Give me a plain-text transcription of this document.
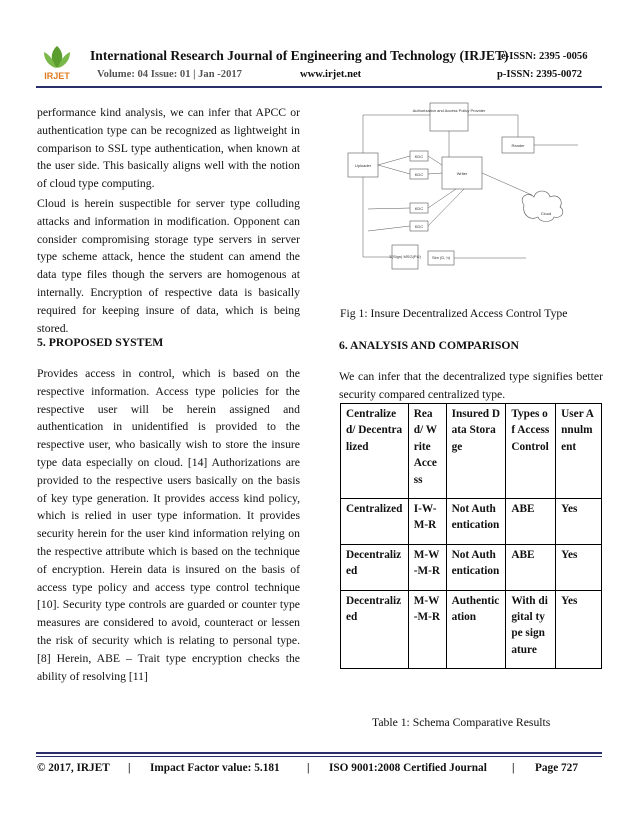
IRJET
International Research Journal of Engineering and Technology (IRJET)
e-ISSN: 2395 -0056
Volume: 04 Issue: 01 | Jan -2017	www.irjet.net	p-ISSN: 2395-0072
performance kind analysis, we can infer that APCC or authentication type can be recognized as lightweight in comparison to SSL type authentication, when known at the user side. This basically aligns well with the notion of cloud type computing.
Cloud is herein suspectible for server type colluding attacks and information in modification. Opponent can consider compromising storage type servers in server type scheme attack, hence the student can amend the data type files though the servers are homogenous at internally. Encryption of respective data is basically required for keeping insure of data, which is being stored.
5. PROPOSED SYSTEM
Provides access in control, which is based on the respective information. Access type policies for the respective user will be herein assigned and authentication in unidentified is provided to the respective user, who basically wish to store the insure type data especially on cloud. [14] Authorizations are provided to the respective users basically on the basis of key type generation. It provides access kind policy, which is relied in user type information. It provides security herein for the user kind information relying on the respective attribute which is based on the technique of encryption. Herein data is insured on the basis of access type policy and access type control technique [10]. Security type controls are guarded or counter type measures are considered to avoid, counteract or lessen the risk of security which is relating to personal type. [8] Herein, ABE – Trait type encryption checks the ability of resolving [11]
Authorization and Access Policy Provider
Uploader
KDC
KDC
KDC
KDC
Writer
Reader
Cloud
Σ(Sign) MSG(PU)	Sim (D, h)
Fig 1: Insure Decentralized Access Control Type
6. ANALYSIS AND COMPARISON
We can infer that the decentralized type signifies better security compared centralized type.
Centralized/ Decentralized	Read/ Write Access	Insured Data Storage	Types of Access Control	User Annulment
Centralized	I-W-M-R	Not Authentication	ABE	Yes
Decentralized	M-W-M-R	Not Authentication	ABE	Yes
Decentralized	M-W-M-R	Authentication	With digital type signature	Yes
Table 1: Schema Comparative Results
© 2017, IRJET | Impact Factor value: 5.181 | ISO 9001:2008 Certified Journal | Page 727
